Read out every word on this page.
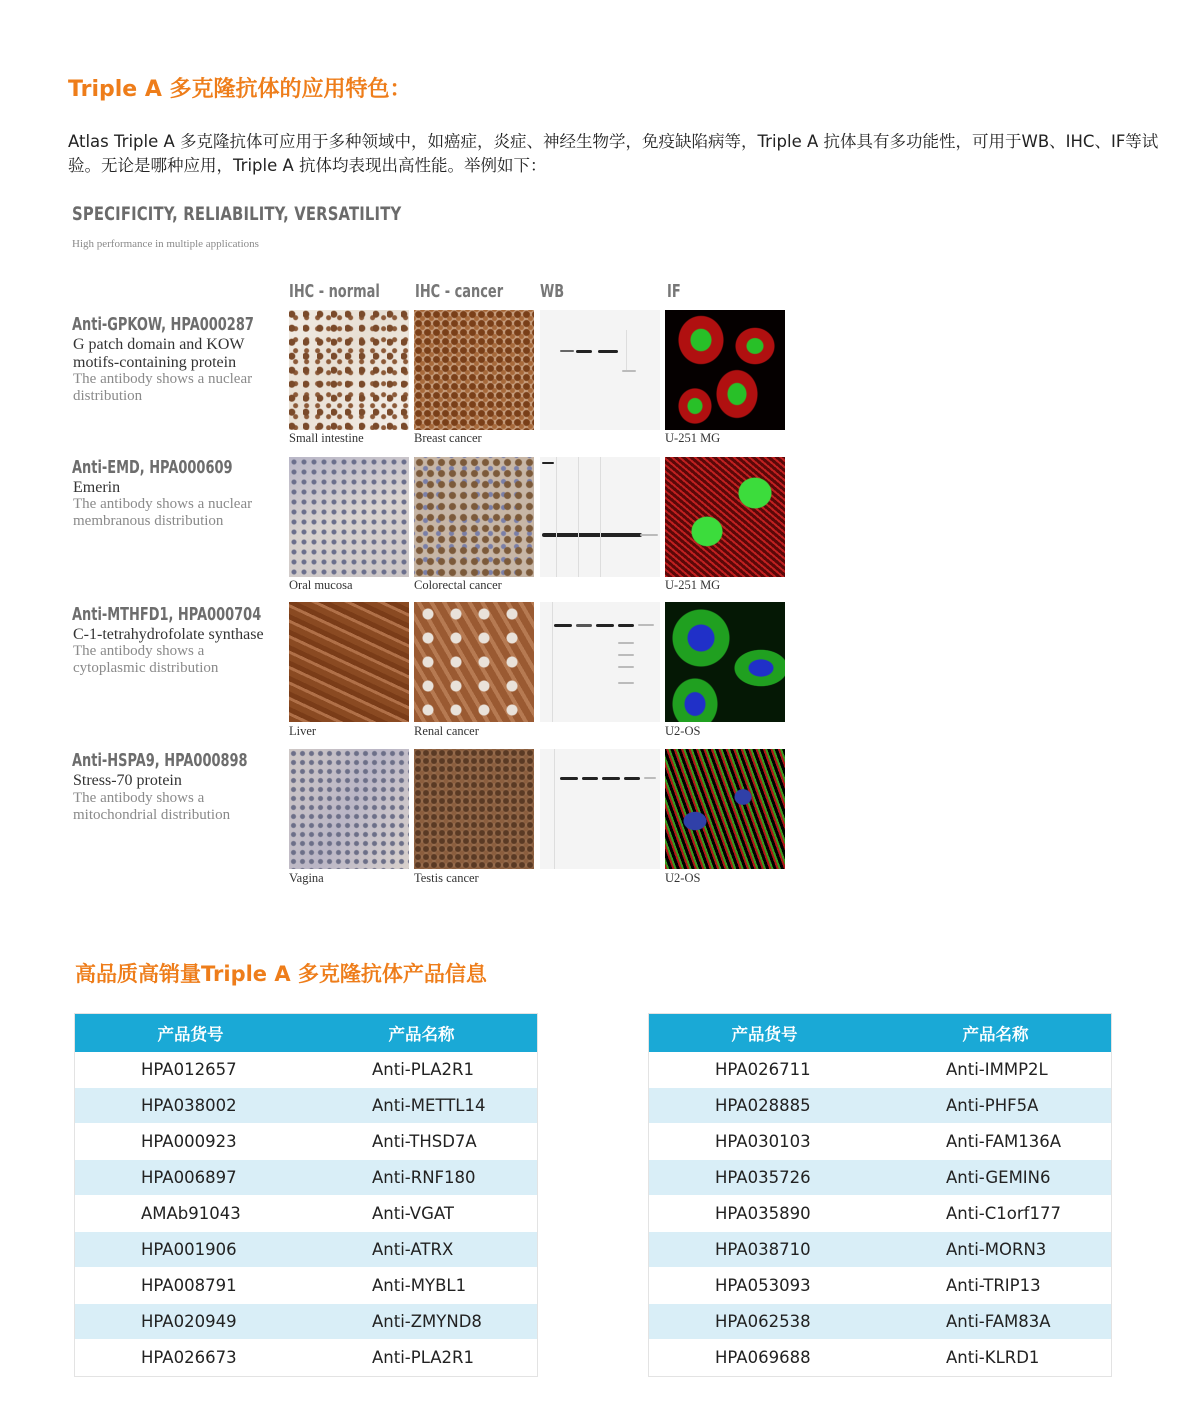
Triple A 多克隆抗体的应用特色：
Atlas Triple A 多克隆抗体可应用于多种领域中，如癌症，炎症、神经生物学，免疫缺陷病等，Triple A 抗体具有多功能性，可用于WB、IHC、IF等试验。无论是哪种应用，Triple A 抗体均表现出高性能。举例如下：
SPECIFICITY, RELIABILITY, VERSATILITY
High performance in multiple applications
IHC - normal IHC - cancer WB	IF
Anti-GPKOW, HPA000287
G patch domain and KOW motifs-containing protein
The antibody shows a nuclear distribution
Small intestine	Breast cancer	U-251 MG
Anti-EMD, HPA000609
Emerin
The antibody shows a nuclear membranous distribution
Oral mucosa	Colorectal cancer	U-251 MG
Anti-MTHFD1, HPA000704
C-1-tetrahydrofolate synthase
The antibody shows a cytoplasmic distribution
Liver	Renal cancer	U2-OS
Anti-HSPA9, HPA000898
Stress-70 protein
The antibody shows a mitochondrial distribution
Vagina	Testis cancer	U2-OS
高品质高销量Triple A 多克隆抗体产品信息
产品货号	产品名称
HPA012657	Anti-PLA2R1
HPA038002	Anti-METTL14
HPA000923	Anti-THSD7A
HPA006897	Anti-RNF180
AMAb91043	Anti-VGAT
HPA001906	Anti-ATRX
HPA008791	Anti-MYBL1
HPA020949	Anti-ZMYND8
HPA026673	Anti-PLA2R1
产品货号	产品名称
HPA026711	Anti-IMMP2L
HPA028885	Anti-PHF5A
HPA030103	Anti-FAM136A
HPA035726	Anti-GEMIN6
HPA035890	Anti-C1orf177
HPA038710	Anti-MORN3
HPA053093	Anti-TRIP13
HPA062538	Anti-FAM83A
HPA069688	Anti-KLRD1
